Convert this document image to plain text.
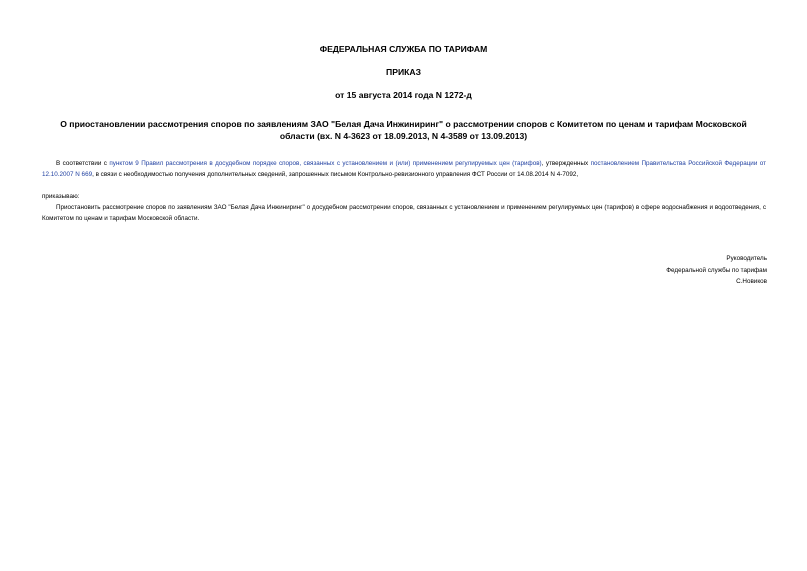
ФЕДЕРАЛЬНАЯ СЛУЖБА ПО ТАРИФАМ
ПРИКАЗ
от 15 августа 2014 года N 1272-д
О приостановлении рассмотрения споров по заявлениям ЗАО "Белая Дача Инжиниринг" о рассмотрении споров с Комитетом по ценам и тарифам Московской области (вх. N 4-3623 от 18.09.2013, N 4-3589 от 13.09.2013)
В соответствии с пунктом 9 Правил рассмотрения в досудебном порядке споров, связанных с установлением и (или) применением регулируемых цен (тарифов), утвержденных постановлением Правительства Российской Федерации от 12.10.2007 N 669, в связи с необходимостью получения дополнительных сведений, запрошенных письмом Контрольно-ревизионного управления ФСТ России от 14.08.2014 N 4-7092,
приказываю:
Приостановить рассмотрение споров по заявлениям ЗАО "Белая Дача Инжиниринг" о досудебном рассмотрении споров, связанных с установлением и применением регулируемых цен (тарифов) в сфере водоснабжения и водоотведения, с Комитетом по ценам и тарифам Московской области.
Руководитель
Федеральной службы по тарифам
С.Новиков
